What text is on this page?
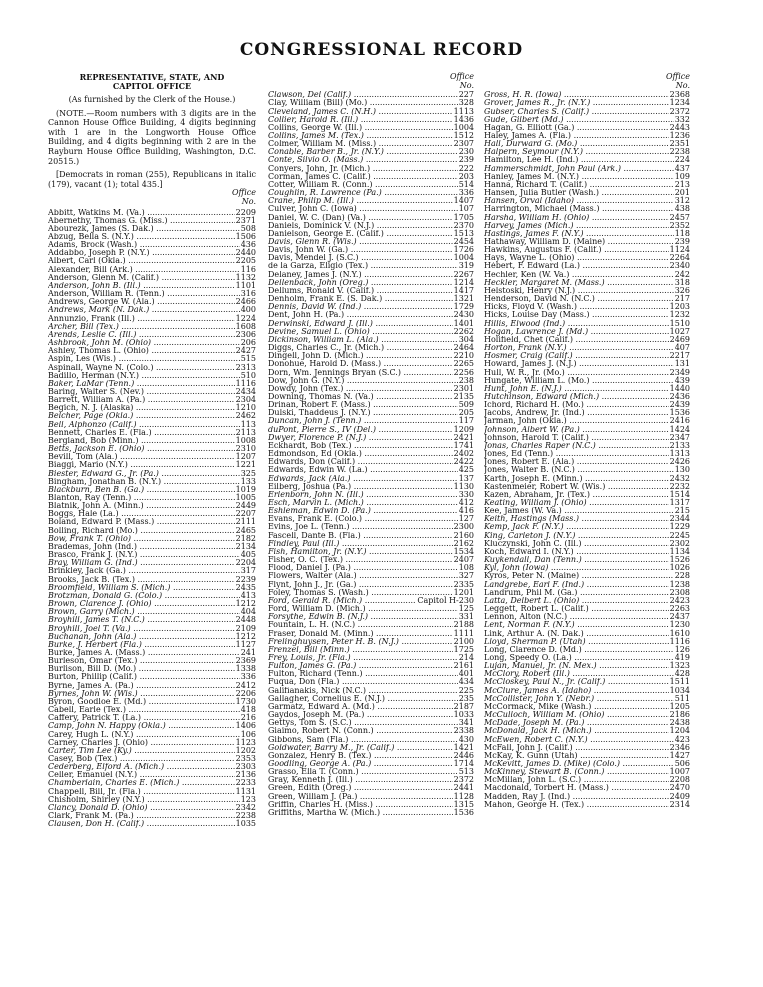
CONGRESSIONAL RECORD
REPRESENTATIVE, STATE, AND
CAPITOL OFFICE

(As furnished by the Clerk of the House.)

(NOTE.—Room numbers with 3 digits are in the Cannon House Office Building, 4 digits beginning with 1 are in the Longworth House Office Building, and 4 digits beginning with 2 are in the Rayburn House Office Building, Washington, D.C. 20515.)

[Democrats in roman (255), Republicans in italic (179), vacant (1); total 435.]

Office
No.
Abbitt, Watkins M. (Va.) .....	2209
Abernethy, Thomas G. (Miss.) .....	2371
Abourezk, James (S. Dak.) .....	508
Abzug, Bella S. (N.Y.) .....	1506
Adams, Brock (Wash.) .....	436
Addabbo, Joseph P. (N.Y.) .....	2440
Albert, Carl (Okla.) .....	2205
Alexander, Bill (Ark.) .....	116
Anderson, Glenn M. (Calif.) .....	1132
Anderson, John B. (Ill.) .....	1101
Anderson, William R. (Tenn.) .....	316
Andrews, George W. (Ala.) .....	2466
Andrews, Mark (N. Dak.) .....	400
Annunzio, Frank (Ill.) .....	1224
Archer, Bill (Tex.) .....	1608
Arends, Leslie C. (Ill.) .....	2306
Ashbrook, John M. (Ohio) .....	206
Ashley, Thomas L. (Ohio) .....	2427
Aspin, Les (Wis.) .....	515
Aspinall, Wayne N. (Colo.) .....	2313
Badillo, Herman (N.Y.) .....	510
Baker, LaMar (Tenn.) .....	1116
Baring, Walter S. (Nev.) .....	2434
Barrett, William A. (Pa.) .....	2304
Begich, N. J. (Alaska) .....	1210
Belcher, Page (Okla.) .....	2462
Bell, Alphonzo (Calif.) .....	113
Bennett, Charles E. (Fla.) .....	2113
Bergland, Bob (Minn.) .....	1008
Betts, Jackson E. (Ohio) .....	2310
Bevill, Tom (Ala.) .....	1207
Biaggi, Mario (N.Y.) .....	1221
Biester, Edward G., Jr. (Pa.) .....	325
Bingham, Jonathan B. (N.Y.) .....	133
Blackburn, Ben B. (Ga.) .....	1019
Blanton, Ray (Tenn.) .....	1005
Blatnik, John A. (Minn.) .....	2449
Boggs, Hale (La.) .....	2207
Boland, Edward P. (Mass.) .....	2111
Bolling, Richard (Mo.) .....	2465
Bow, Frank T. (Ohio) .....	2182
Brademas, John (Ind.) .....	2134
Brasco, Frank J. (N.Y.) .....	405
Bray, William G. (Ind.) .....	2204
Brinkley, Jack (Ga.) .....	317
Brooks, Jack B. (Tex.) .....	2239
Broomfield, William S. (Mich.) .....	2435
Brotzman, Donald G. (Colo.) .....	413
Brown, Clarence J. (Ohio) .....	1212
Brown, Garry (Mich.) .....	404
Broyhill, James T. (N.C.) .....	2448
Broyhill, Joel T. (Va.) .....	2109
Buchanan, John (Ala.) .....	1212
Burke, J. Herbert (Fla.) .....	1127
Burke, James A. (Mass.) .....	241
Burleson, Omar (Tex.) .....	2369
Burlison, Bill D. (Mo.) .....	1338
Burton, Phillip (Calif.) .....	336
Byrne, James A. (Pa.) .....	2412
Byrnes, John W. (Wis.) .....	2206
Byron, Goodloe E. (Md.) .....	1730
Cabell, Earle (Tex.) .....	418
Caffery, Patrick T. (La.) .....	216
Camp, John N. Happy (Okla.) .....	1406
Carey, Hugh L. (N.Y.) .....	106
Carney, Charles J. (Ohio) .....	1123
Carter, Tim Lee (Ky.) .....	1202
Casey, Bob (Tex.) .....	2353
Cederberg, Elford A. (Mich.) .....	2303
Celler, Emanuel (N.Y.) .....	2136
Chamberlain, Charles E. (Mich.) .....	2233
Chappell, Bill, Jr. (Fla.) .....	1131
Chisholm, Shirley (N.Y.) .....	123
Clancy, Donald D. (Ohio) .....	2342
Clark, Frank M. (Pa.) .....	2238
Clausen, Don H. (Calif.) .....	1035
Office
No.
Clawson, Del (Calif.) .....	227
Clay, William (Bill) (Mo.) .....	328
Cleveland, James C. (N.H.) .....	1113
Collier, Harold R. (Ill.) .....	1436
Collins, George W. (Ill.) .....	1004
Collins, James M. (Tex.) .....	1512
Colmer, William M. (Miss.) .....	2307
Conable, Barber B., Jr. (N.Y.) .....	230
Conte, Silvio O. (Mass.) .....	239
Conyers, John, Jr. (Mich.) .....	222
Corman, James C. (Calif.) .....	203
Cotter, William R. (Conn.) .....	514
Coughlin, R. Lawrence (Pa.) .....	336
Crane, Philip M. (Ill.) .....	1407
Culver, John C. (Iowa) .....	107
Daniel, W. C. (Dan) (Va.) .....	1705
Daniels, Dominick V. (N.J.) .....	2370
Danielson, George E. (Calif.) .....	1513
Davis, Glenn R. (Wis.) .....	2454
Davis, John W. (Ga.) .....	1726
Davis, Mendel J. (S.C.) .....	1004
de la Garza, Eligio (Tex.) .....	319
Delaney, James J. (N.Y.) .....	2267
Dellenback, John (Oreg.) .....	1214
Dellums, Ronald V. (Calif.) .....	1417
Denholm, Frank E. (S. Dak.) .....	1321
Dennis, David W. (Ind.) .....	1729
Dent, John H. (Pa.) .....	2430
Derwinski, Edward J. (Ill.) .....	1401
Devine, Samuel L. (Ohio) .....	2262
Dickinson, William L. (Ala.) .....	304
Diggs, Charles C., Jr. (Mich.) .....	2464
Dingell, John D. (Mich.) .....	2210
Donohue, Harold D. (Mass.) .....	2265
Dorn, Wm. Jennings Bryan (S.C.) .....	2256
Dow, John G. (N.Y.) .....	238
Dowdy, John (Tex.) .....	2301
Downing, Thomas N. (Va.) .....	2135
Drinan, Robert F. (Mass.) .....	509
Dulski, Thaddeus J. (N.Y.) .....	205
Duncan, John J. (Tenn.) .....	117
duPont, Pierre S., IV (Del.) .....	1209
Dwyer, Florence P. (N.J.) .....	2421
Eckhardt, Bob (Tex.) .....	1741
Edmondson, Ed (Okla.) .....	2402
Edwards, Don (Calif.) .....	2422
Edwards, Edwin W. (La.) .....	425
Edwards, Jack (Ala.) .....	137
Eilberg, Joshua (Pa.) .....	1130
Erlenborn, John N. (Ill.) .....	330
Esch, Marvin L. (Mich.) .....	412
Eshleman, Edwin D. (Pa.) .....	416
Evans, Frank E. (Colo.) .....	127
Evins, Joe L. (Tenn.) .....	2300
Fascell, Dante B. (Fla.) .....	2160
Findley, Paul (Ill.) .....	2162
Fish, Hamilton, Jr. (N.Y.) .....	1534
Fisher, O. C. (Tex.) .....	2407
Flood, Daniel J. (Pa.) .....	108
Flowers, Walter (Ala.) .....	327
Flynt, John J., Jr. (Ga.) .....	2335
Foley, Thomas S. (Wash.) .....	1201
Ford, Gerald R. (Mich.) .....	Capitol H-230
Ford, William D. (Mich.) .....	125
Forsythe, Edwin B. (N.J.) .....	331
Fountain, L. H. (N.C.) .....	2188
Fraser, Donald M. (Minn.) .....	1111
Frelinghuysen, Peter H. B. (N.J.) .....	2100
Frenzel, Bill (Minn.) .....	1725
Frey, Louis, Jr. (Fla.) .....	214
Fulton, James G. (Pa.) .....	2161
Fulton, Richard (Tenn.) .....	401
Fuqua, Don (Fla.) .....	434
Galifianakis, Nick (N.C.) .....	225
Gallagher, Cornelius E. (N.J.) .....	235
Garmatz, Edward A. (Md.) .....	2187
Gaydos, Joseph M. (Pa.) .....	1033
Gettys, Tom S. (S.C.) .....	341
Giaimo, Robert N. (Conn.) .....	2338
Gibbons, Sam (Fla.) .....	430
Goldwater, Barry M., Jr. (Calif.) .....	1421
Gonzalez, Henry B. (Tex.) .....	2446
Goodling, George A. (Pa.) .....	1714
Grasso, Ella T. (Conn.) .....	513
Gray, Kenneth J. (Ill.) .....	2372
Green, Edith (Oreg.) .....	2441
Green, William J. (Pa.) .....	1128
Griffin, Charles H. (Miss.) .....	1315
Griffiths, Martha W. (Mich.) .....	1536
Office
No.
Gross, H. R. (Iowa) .....	2368
Grover, James R., Jr. (N.Y.) .....	1234
Gubser, Charles S. (Calif.) .....	2372
Gude, Gilbert (Md.) .....	332
Hagan, G. Elliott (Ga.) .....	2443
Haley, James A. (Fla.) .....	1236
Hall, Durward G. (Mo.) .....	2351
Halpern, Seymour (N.Y.) .....	2238
Hamilton, Lee H. (Ind.) .....	224
Hammerschmidt, John Paul (Ark.) .....	437
Hanley, James M. (N.Y.) .....	109
Hanna, Richard T. (Calif.) .....	213
Hansen, Julia Butler (Wash.) .....	201
Hansen, Orval (Idaho) .....	312
Harrington, Michael (Mass.) .....	438
Harsha, William H. (Ohio) .....	2457
Harvey, James (Mich.) .....	2352
Hastings, James F. (N.Y.) .....	118
Hathaway, William D. (Maine) .....	239
Hawkins, Augustus F. (Calif.) .....	1124
Hays, Wayne L. (Ohio) .....	2264
Hébert, F. Edward (La.) .....	2340
Hechler, Ken (W. Va.) .....	242
Heckler, Margaret M. (Mass.) .....	318
Helstoski, Henry (N.J.) .....	326
Henderson, David N. (N.C.) .....	217
Hicks, Floyd V. (Wash.) .....	1203
Hicks, Louise Day (Mass.) .....	1232
Hillis, Elwood (Ind.) .....	1510
Hogan, Lawrence J. (Md.) .....	1027
Holifield, Chet (Calif.) .....	2469
Horton, Frank (N.Y.) .....	407
Hosmer, Craig (Calif.) .....	2217
Howard, James J. (N.J.) .....	131
Hull, W. R., Jr. (Mo.) .....	2349
Hungate, William L. (Mo.) .....	439
Hunt, John E. (N.J.) .....	1440
Hutchinson, Edward (Mich.) .....	2436
Ichord, Richard H. (Mo.) .....	2439
Jacobs, Andrew, Jr. (Ind.) .....	1536
Jarman, John (Okla.) .....	2416
Johnson, Albert W. (Pa.) .....	1424
Johnson, Harold T. (Calif.) .....	2347
Jonas, Charles Raper (N.C.) .....	2133
Jones, Ed (Tenn.) .....	1313
Jones, Robert E. (Ala.) .....	2426
Jones, Walter B. (N.C.) .....	130
Karth, Joseph E. (Minn.) .....	2432
Kastenmeier, Robert W. (Wis.) .....	2232
Kazen, Abraham, Jr. (Tex.) .....	1514
Keating, William J. (Ohio) .....	1317
Kee, James (W. Va.) .....	215
Keith, Hastings (Mass.) .....	2344
Kemp, Jack F. (N.Y.) .....	1229
King, Carleton J. (N.Y.) .....	2245
Kluczynski, John C. (Ill.) .....	2302
Koch, Edward I. (N.Y.) .....	1134
Kuykendall, Dan (Tenn.) .....	1526
Kyl, John (Iowa) .....	1026
Kyros, Peter N. (Maine) .....	228
Landgrebe, Earl F. (Ind.) .....	1238
Landrum, Phil M. (Ga.) .....	2308
Latta, Delbert L. (Ohio) .....	2423
Leggett, Robert L. (Calif.) .....	2263
Lennon, Alton (N.C.) .....	2437
Lent, Norman F. (N.Y.) .....	1230
Link, Arthur A. (N. Dak.) .....	1610
Lloyd, Sherman P. (Utah) .....	1116
Long, Clarence D. (Md.) .....	126
Long, Speedy O. (La.) .....	419
Lujan, Manuel, Jr. (N. Mex.) .....	1323
McClory, Robert (Ill.) .....	428
McCloskey, Paul N., Jr. (Calif.) .....	1511
McClure, James A. (Idaho) .....	1034
McCollister, John Y. (Nebr.) .....	511
McCormack, Mike (Wash.) .....	1205
McCulloch, William M. (Ohio) .....	2186
McDade, Joseph M. (Pa.) .....	2438
McDonald, Jack H. (Mich.) .....	1204
McEwen, Robert C. (N.Y.) .....	423
McFall, John J. (Calif.) .....	2346
McKay, K. Gunn (Utah) .....	1427
McKevitt, James D. (Mike) (Colo.) .....	506
McKinney, Stewart B. (Conn.) .....	1007
McMillan, John L. (S.C.) .....	2208
Macdonald, Torbert H. (Mass.) .....	2470
Madden, Ray J. (Ind.) .....	2409
Mahon, George H. (Tex.) .....	2314
